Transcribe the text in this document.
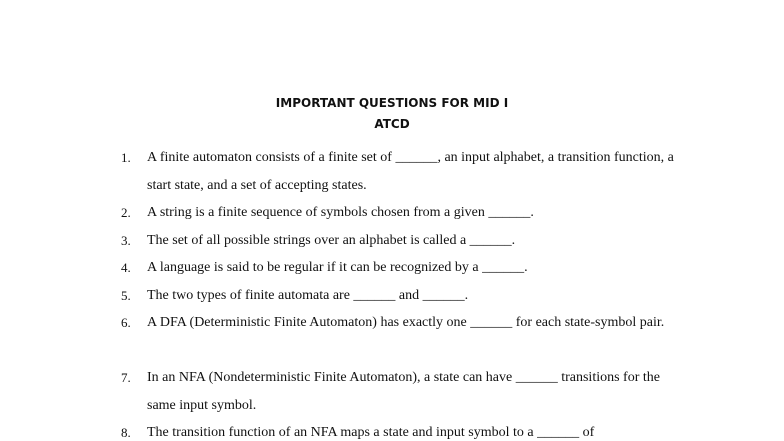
IMPORTANT QUESTIONS FOR MID I
ATCD
1.	A finite automaton consists of a finite set of ______, an input alphabet, a transition function, a start state, and a set of accepting states.
2.	A string is a finite sequence of symbols chosen from a given ______.
3.	The set of all possible strings over an alphabet is called a ______.
4.	A language is said to be regular if it can be recognized by a ______.
5.	The two types of finite automata are ______ and ______.
6.	A DFA (Deterministic Finite Automaton) has exactly one ______ for each state-symbol pair.
7.	In an NFA (Nondeterministic Finite Automaton), a state can have ______ transitions for the same input symbol.
8.	The transition function of an NFA maps a state and input symbol to a ______ of
